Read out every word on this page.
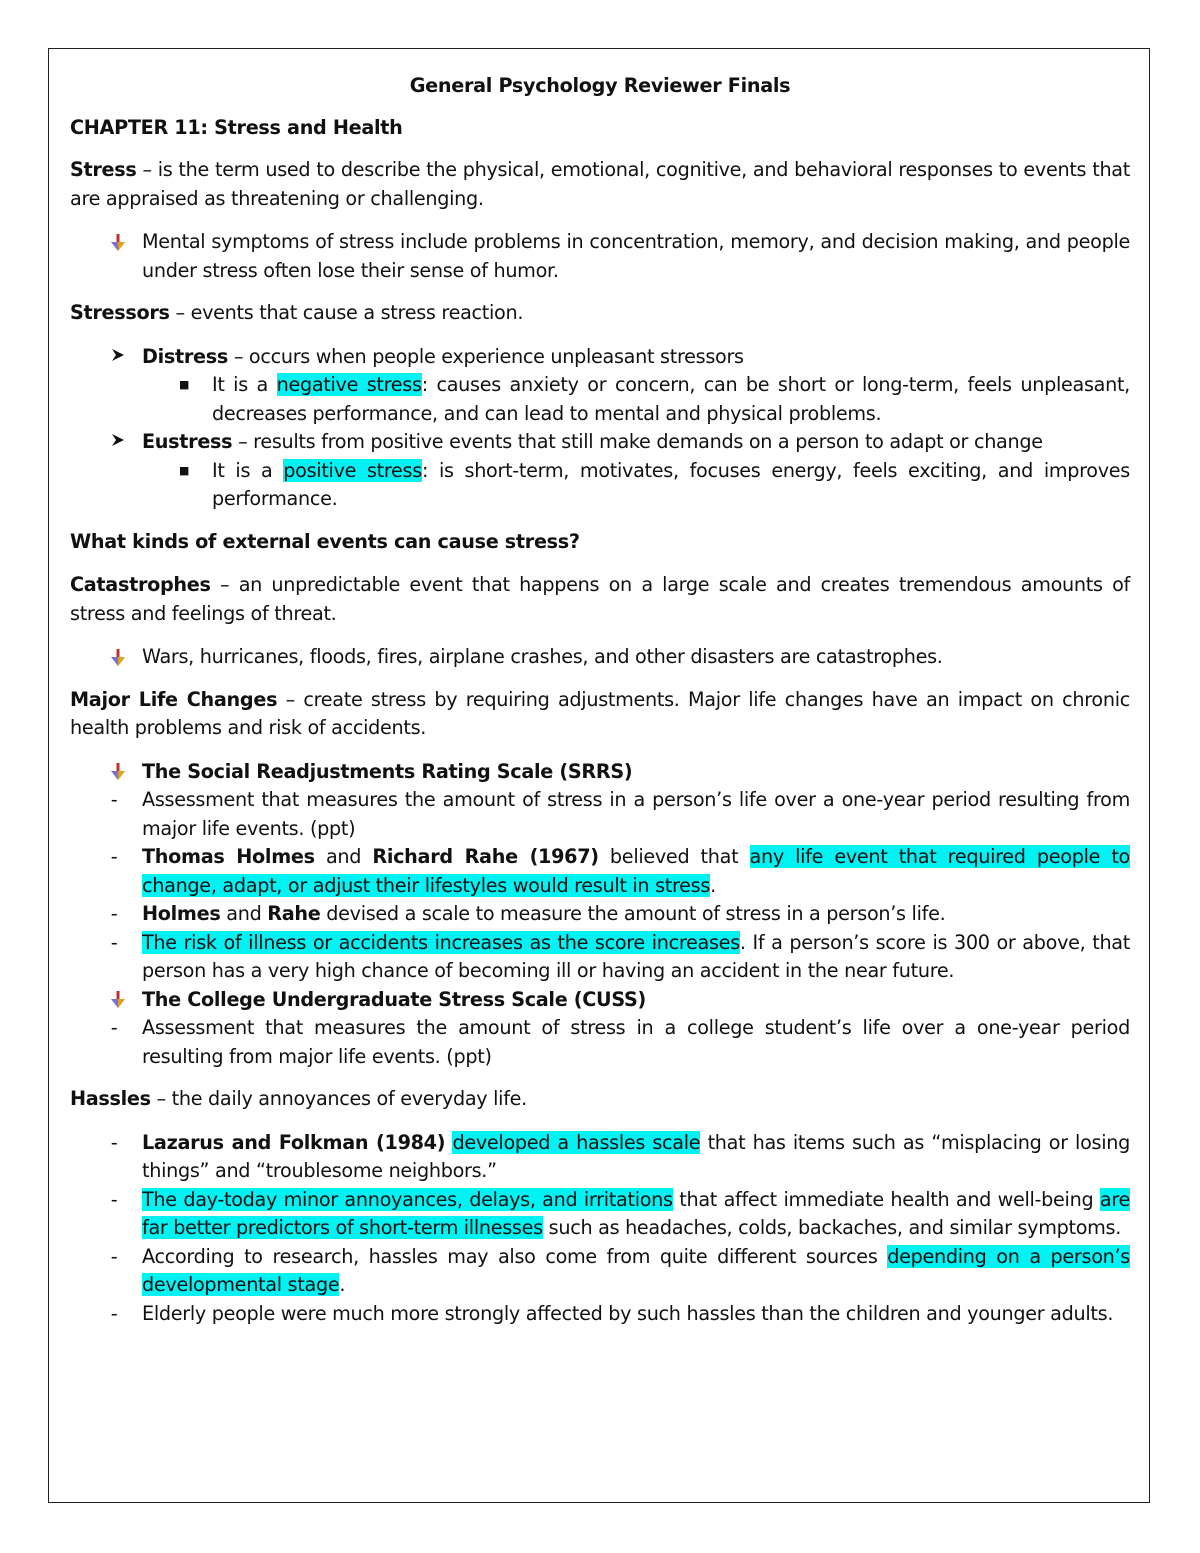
General Psychology Reviewer Finals
CHAPTER 11: Stress and Health

Stress – is the term used to describe the physical, emotional, cognitive, and behavioral responses to events that are appraised as threatening or challenging.

Mental symptoms of stress include problems in concentration, memory, and decision making, and people under stress often lose their sense of humor.

Stressors – events that cause a stress reaction.

Distress – occurs when people experience unpleasant stressors
■ It is a negative stress: causes anxiety or concern, can be short or long-term, feels unpleasant, decreases performance, and can lead to mental and physical problems.
Eustress – results from positive events that still make demands on a person to adapt or change
■ It is a positive stress: is short-term, motivates, focuses energy, feels exciting, and improves performance.

What kinds of external events can cause stress?

Catastrophes – an unpredictable event that happens on a large scale and creates tremendous amounts of stress and feelings of threat.

Wars, hurricanes, floods, fires, airplane crashes, and other disasters are catastrophes.

Major Life Changes – create stress by requiring adjustments. Major life changes have an impact on chronic health problems and risk of accidents.

The Social Readjustments Rating Scale (SRRS)
-	Assessment that measures the amount of stress in a person’s life over a one-year period resulting from major life events. (ppt)
-	Thomas Holmes and Richard Rahe (1967) believed that any life event that required people to change, adapt, or adjust their lifestyles would result in stress.
-	Holmes and Rahe devised a scale to measure the amount of stress in a person’s life.
-	The risk of illness or accidents increases as the score increases. If a person’s score is 300 or above, that person has a very high chance of becoming ill or having an accident in the near future.
The College Undergraduate Stress Scale (CUSS)
-	Assessment that measures the amount of stress in a college student’s life over a one-year period resulting from major life events. (ppt)

Hassles – the daily annoyances of everyday life.

-	Lazarus and Folkman (1984) developed a hassles scale that has items such as “misplacing or losing things” and “troublesome neighbors.”
-	The day-today minor annoyances, delays, and irritations that affect immediate health and well-being are far better predictors of short-term illnesses such as headaches, colds, backaches, and similar symptoms.
-	According to research, hassles may also come from quite different sources depending on a person’s developmental stage.
-	Elderly people were much more strongly affected by such hassles than the children and younger adults.
